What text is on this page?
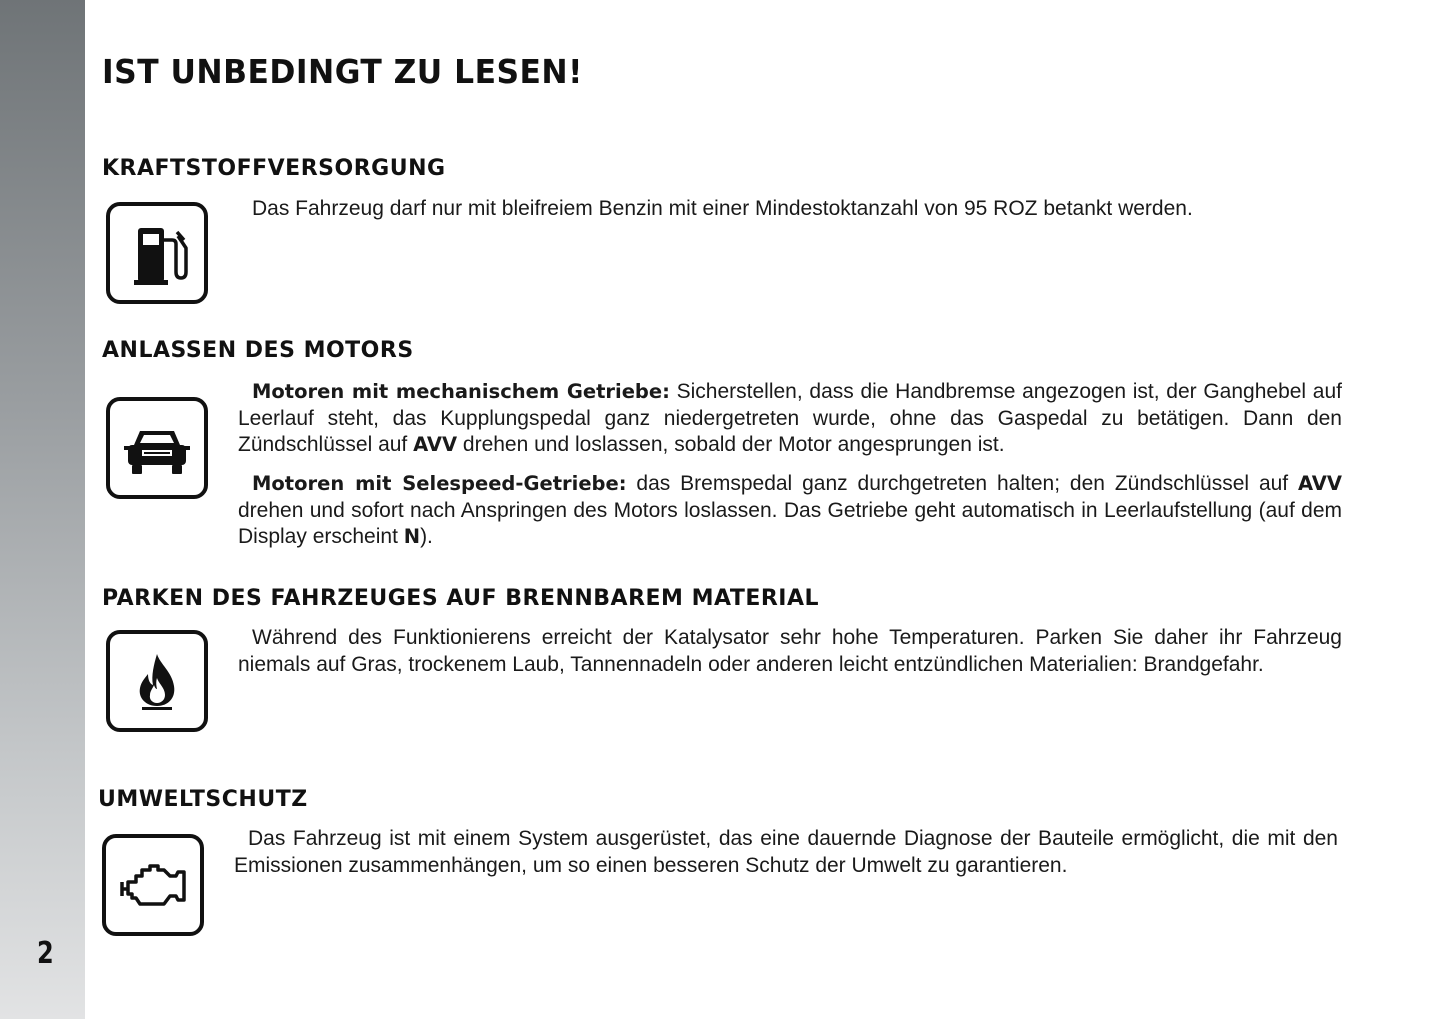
2
IST UNBEDINGT ZU LESEN!
KRAFTSTOFFVERSORGUNG

Das Fahrzeug darf nur mit bleifreiem Benzin mit einer Mindestoktanzahl von 95 ROZ betankt werden.

ANLASSEN DES MOTORS

Motoren mit mechanischem Getriebe: Sicherstellen, dass die Handbremse angezogen ist, der Ganghebel auf Leerlauf steht, das Kupplungspedal ganz niedergetreten wurde, ohne das Gaspedal zu betätigen. Dann den Zündschlüssel auf AVV drehen und loslassen, sobald der Motor angesprungen ist.

Motoren mit Selespeed-Getriebe: das Bremspedal ganz durchgetreten halten; den Zündschlüssel auf AVV drehen und sofort nach Anspringen des Motors loslassen. Das Getriebe geht automatisch in Leerlaufstellung (auf dem Display erscheint N).

PARKEN DES FAHRZEUGES AUF BRENNBAREM MATERIAL

Während des Funktionierens erreicht der Katalysator sehr hohe Temperaturen. Parken Sie daher ihr Fahrzeug niemals auf Gras, trockenem Laub, Tannennadeln oder anderen leicht entzündlichen Materialien: Brandgefahr.

UMWELTSCHUTZ

Das Fahrzeug ist mit einem System ausgerüstet, das eine dauernde Diagnose der Bauteile ermöglicht, die mit den Emissionen zusammenhängen, um so einen besseren Schutz der Umwelt zu garantieren.
